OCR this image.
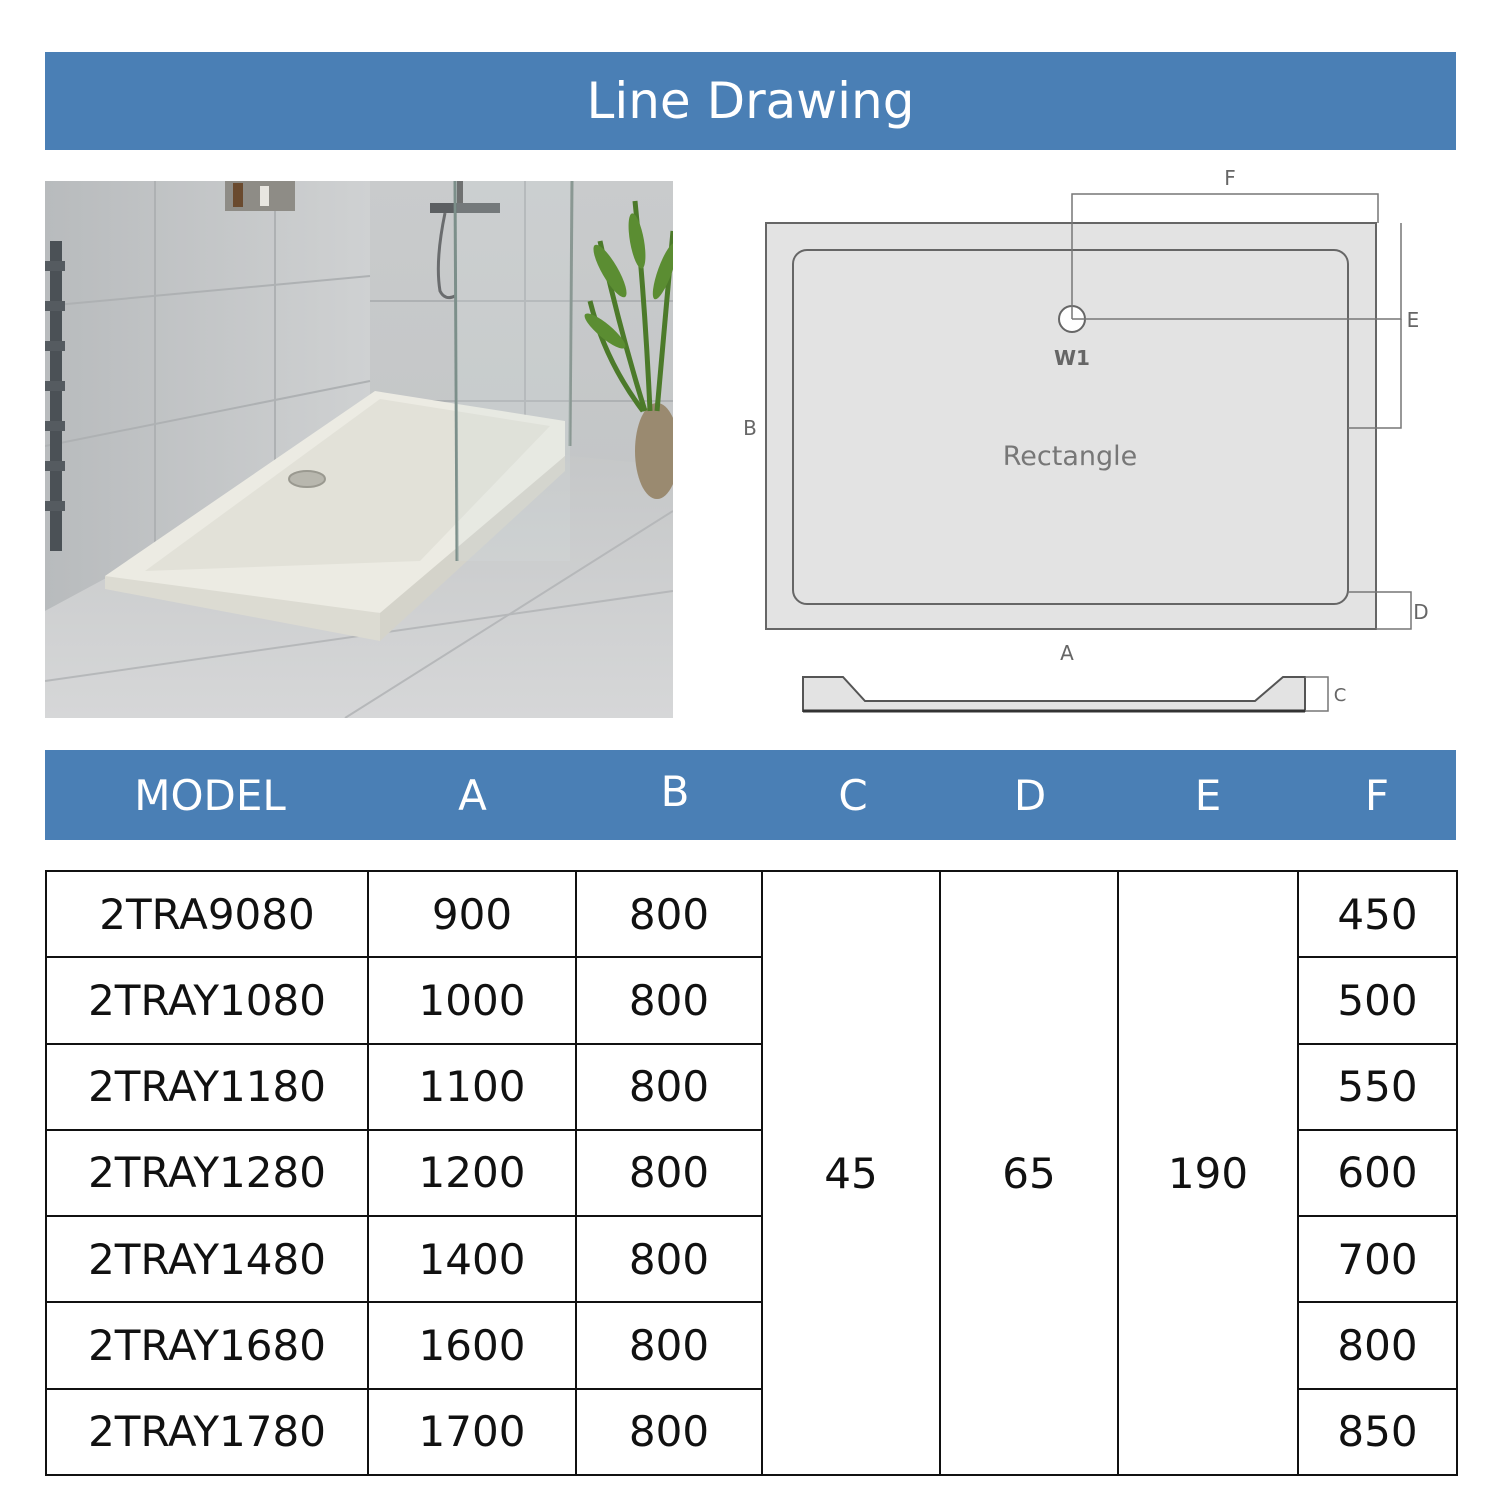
Line Drawing
F
E
W1
Rectangle
B
D
A
C
MODEL	A	B	C	D	E	F
2TRA9080	900	800	45	65	190	450
2TRAY1080	1000	800				500
2TRAY1180	1100	800				550
2TRAY1280	1200	800				600
2TRAY1480	1400	800				700
2TRAY1680	1600	800				800
2TRAY1780	1700	800				850
